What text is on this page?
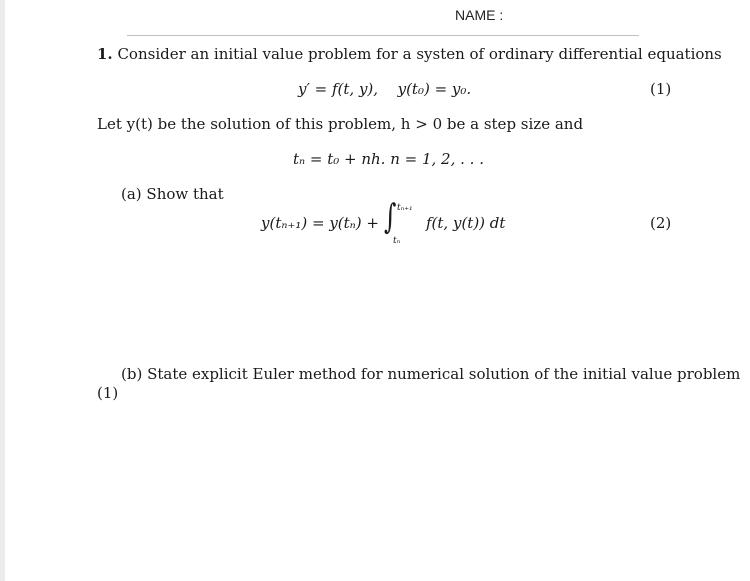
NAME :
1. Consider an initial value problem for a systen of ordinary differential equations
y′ = f(t, y), y(t₀) = y₀.	(1)
Let y(t) be the solution of this problem, h > 0 be a step size and
tₙ = t₀ + nh. n = 1, 2, . . .
(a) Show that
y(tₙ₊₁) = y(tₙ) + ∫ tₙ₊₁
tₙ
f(t, y(t)) dt	(2)
(b) State explicit Euler method for numerical solution of the initial value problem
(1)
